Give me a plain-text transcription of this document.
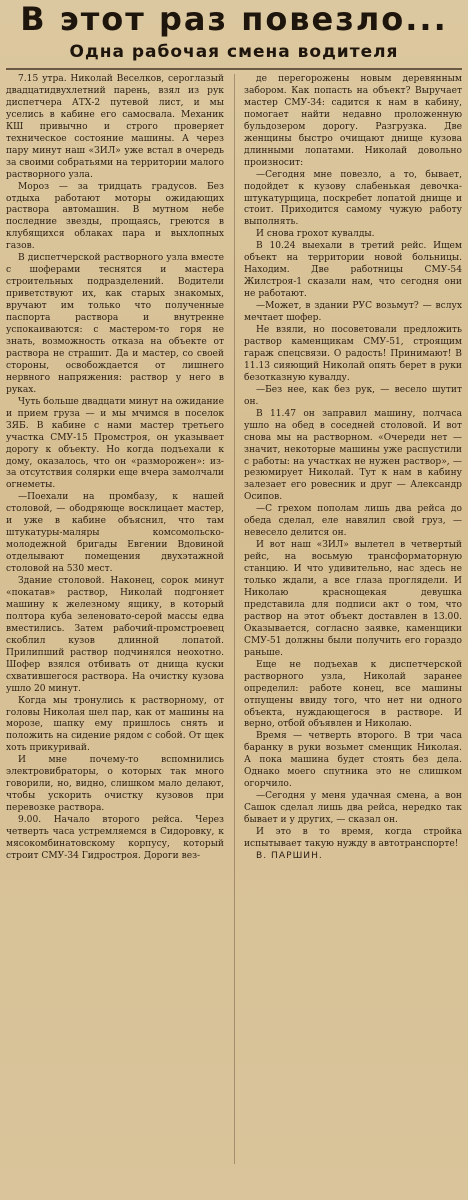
В этот раз повезло...
Одна рабочая смена водителя

7.15 утра. Николай Веселков, сероглазый двадцатидвухлетний парень, взял из рук диспетчера АТХ-2 путевой лист, и мы уселись в кабине его самосвала. Механик КШ привычно и строго проверяет техническое состояние машины. А через пару минут наш «ЗИЛ» уже встал в очередь за своими собратьями на территории малого растворного узла.

Мороз — за тридцать градусов. Без отдыха работают моторы ожидающих раствора автомашин. В мутном небе последние звезды, прощаясь, греются в клубящихся облаках пара и выхлопных газов.

В диспетчерской растворного узла вместе с шоферами теснятся и мастера строительных подразделений. Водители приветствуют их, как старых знакомых, вручают им только что полученные паспорта раствора и внутренне успокаиваются: с мастером-то горя не знать, возможность отказа на объекте от раствора не страшит. Да и мастер, со своей стороны, освобождается от лишнего нервного напряжения: раствор у него в руках.

Чуть больше двадцати минут на ожидание и прием груза — и мы мчимся в поселок ЗЯБ. В кабине с нами мастер третьего участка СМУ-15 Промстроя, он указывает дорогу к объекту. Но когда подъехали к дому, оказалось, что он «разморожен»: из-за отсутствия солярки еще вчера замолчали огнеметы.

—Поехали на промбазу, к нашей столовой, — ободряюще восклицает мастер, и уже в кабине объяснил, что там штукатуры-маляры комсомольско-молодежной бригады Евгении Вдовиной отделывают помещения двухэтажной столовой на 530 мест.

Здание столовой. Наконец, сорок минут «покатав» раствор, Николай подгоняет машину к железному ящику, в который полтора куба зеленовато-серой массы едва вместились. Затем рабочий-промстроевец скоблил кузов длинной лопатой. Прилипший раствор подчинялся неохотно. Шофер взялся отбивать от днища куски схватившегося раствора. На очистку кузова ушло 20 минут.

Когда мы тронулись к растворному, от головы Николая шел пар, как от машины на морозе, шапку ему пришлось снять и положить на сидение рядом с собой. От щек хоть прикуривай.

И мне почему-то вспомнились электровибраторы, о которых так много говорили, но, видно, слишком мало делают, чтобы ускорить очистку кузовов при перевозке раствора.

9.00. Начало второго рейса. Через четверть часа устремляемся в Сидоровку, к мясокомбинатовскому корпусу, который строит СМУ-34 Гидростроя. Дороги вез-

де перегорожены новым деревянным забором. Как попасть на объект? Выручает мастер СМУ-34: садится к нам в кабину, помогает найти недавно проложенную бульдозером дорогу. Разгрузка. Две женщины быстро очищают днище кузова длинными лопатами. Николай довольно произносит:

—Сегодня мне повезло, а то, бывает, подойдет к кузову слабенькая девочка-штукатурщица, поскребет лопатой днище и стоит. Приходится самому чужую работу выполнять.

И снова грохот кувалды.

В 10.24 выехали в третий рейс. Ищем объект на территории новой больницы. Находим. Две работницы СМУ-54 Жилстроя-1 сказали нам, что сегодня они не работают.

—Может, в здании РУС возьмут? — вслух мечтает шофер.

Не взяли, но посоветовали предложить раствор каменщикам СМУ-51, строящим гараж спецсвязи. О радость! Принимают! В 11.13 сияющий Николай опять берет в руки безотказную кувалду.

—Без нее, как без рук, — весело шутит он.

В 11.47 он заправил машину, полчаса ушло на обед в соседней столовой. И вот снова мы на растворном. «Очереди нет — значит, некоторые машины уже распустили с работы: на участках не нужен раствор», — резюмирует Николай. Тут к нам в кабину залезает его ровесник и друг — Александр Осипов.

—С грехом пополам лишь два рейса до обеда сделал, еле навялил свой груз, — невесело делится он.

И вот наш «ЗИЛ» вылетел в четвертый рейс, на восьмую трансформаторную станцию. И что удивительно, нас здесь не только ждали, а все глаза проглядели. И Николаю краснощекая девушка представила для подписи акт о том, что раствор на этот объект доставлен в 13.00. Оказывается, согласно заявке, каменщики СМУ-51 должны были получить его гораздо раньше.

Еще не подъехав к диспетчерской растворного узла, Николай заранее определил: работе конец, все машины отпущены ввиду того, что нет ни одного объекта, нуждающегося в растворе. И верно, отбой объявлен и Николаю.

Время — четверть второго. В три часа баранку в руки возьмет сменщик Николая. А пока машина будет стоять без дела. Однако моего спутника это не слишком огорчило.

—Сегодня у меня удачная смена, а вон Сашок сделал лишь два рейса, нередко так бывает и у других, — сказал он.

И это в то время, когда стройка испытывает такую нужду в автотранспорте!

В. ПАРШИН.
